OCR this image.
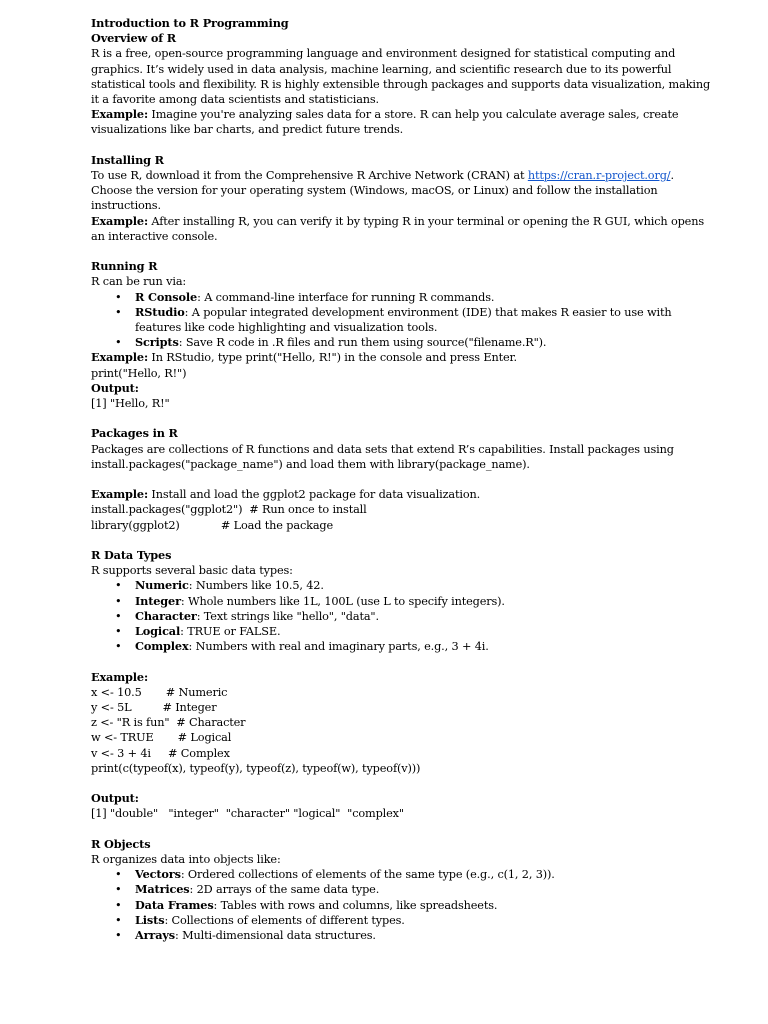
Introduction to R Programming
Overview of R
R is a free, open-source programming language and environment designed for statistical computing and
graphics. It’s widely used in data analysis, machine learning, and scientific research due to its powerful
statistical tools and flexibility. R is highly extensible through packages and supports data visualization, making
it a favorite among data scientists and statisticians.
Example: Imagine you're analyzing sales data for a store. R can help you calculate average sales, create
visualizations like bar charts, and predict future trends.
Installing R
To use R, download it from the Comprehensive R Archive Network (CRAN) at https://cran.r-project.org/.
Choose the version for your operating system (Windows, macOS, or Linux) and follow the installation
instructions.
Example: After installing R, you can verify it by typing R in your terminal or opening the R GUI, which opens
an interactive console.
Running R
R can be run via:
• R Console: A command-line interface for running R commands.
• RStudio: A popular integrated development environment (IDE) that makes R easier to use with
features like code highlighting and visualization tools.
• Scripts: Save R code in .R files and run them using source("filename.R").
Example: In RStudio, type print("Hello, R!") in the console and press Enter.
print("Hello, R!")
Output:
[1] "Hello, R!"
Packages in R
Packages are collections of R functions and data sets that extend R’s capabilities. Install packages using
install.packages("package_name") and load them with library(package_name).
Example: Install and load the ggplot2 package for data visualization.
install.packages("ggplot2")  # Run once to install
library(ggplot2)            # Load the package
R Data Types
R supports several basic data types:
• Numeric: Numbers like 10.5, 42.
• Integer: Whole numbers like 1L, 100L (use L to specify integers).
• Character: Text strings like "hello", "data".
• Logical: TRUE or FALSE.
• Complex: Numbers with real and imaginary parts, e.g., 3 + 4i.
Example:
x <- 10.5       # Numeric
y <- 5L         # Integer
z <- "R is fun"  # Character
w <- TRUE       # Logical
v <- 3 + 4i     # Complex
print(c(typeof(x), typeof(y), typeof(z), typeof(w), typeof(v)))
Output:
[1] "double"   "integer"  "character" "logical"  "complex"
R Objects
R organizes data into objects like:
• Vectors: Ordered collections of elements of the same type (e.g., c(1, 2, 3)).
• Matrices: 2D arrays of the same data type.
• Data Frames: Tables with rows and columns, like spreadsheets.
• Lists: Collections of elements of different types.
• Arrays: Multi-dimensional data structures.
